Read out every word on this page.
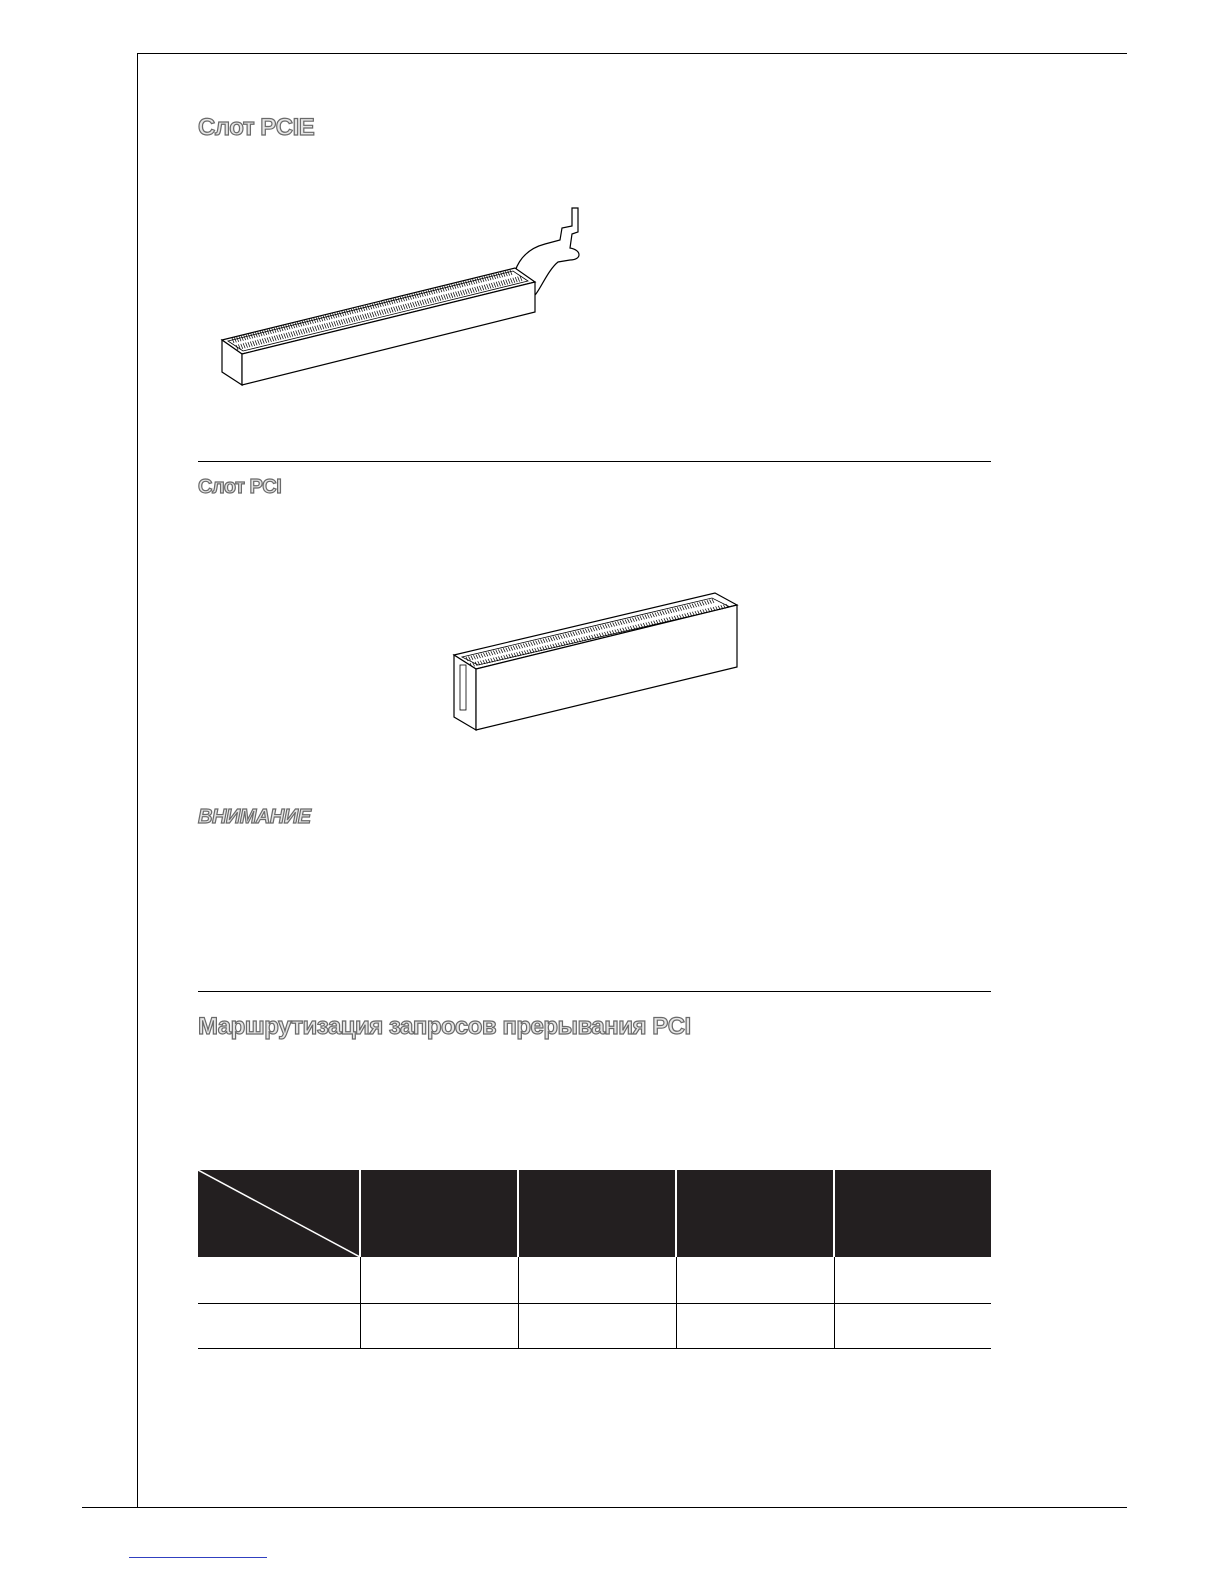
Слот PCIE
Слот PCI
ВНИМАНИЕ
Маршрутизация запросов прерывания PCI
